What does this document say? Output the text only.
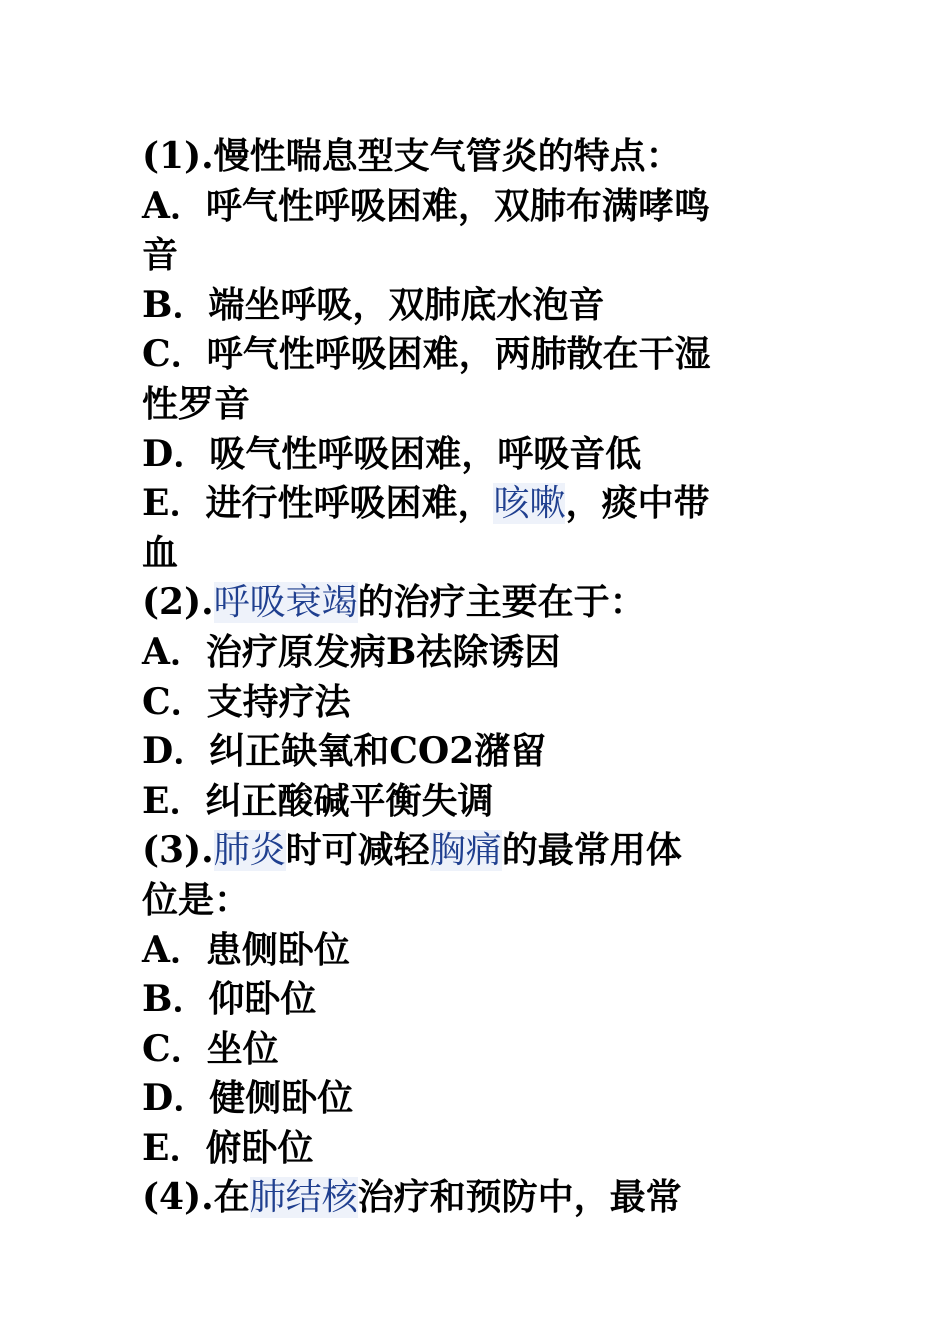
(1).慢性喘息型支气管炎的特点：
A．呼气性呼吸困难，双肺布满哮鸣
音
B．端坐呼吸，双肺底水泡音
C．呼气性呼吸困难，两肺散在干湿
性罗音
D．吸气性呼吸困难，呼吸音低
E．进行性呼吸困难，咳嗽，痰中带
血
(2).呼吸衰竭的治疗主要在于：
A．治疗原发病B祛除诱因
C．支持疗法
D．纠正缺氧和CO2潴留
E．纠正酸碱平衡失调
(3).肺炎时可减轻胸痛的最常用体
位是：
A．患侧卧位
B．仰卧位
C．坐位
D．健侧卧位
E．俯卧位
(4).在肺结核治疗和预防中，最常
